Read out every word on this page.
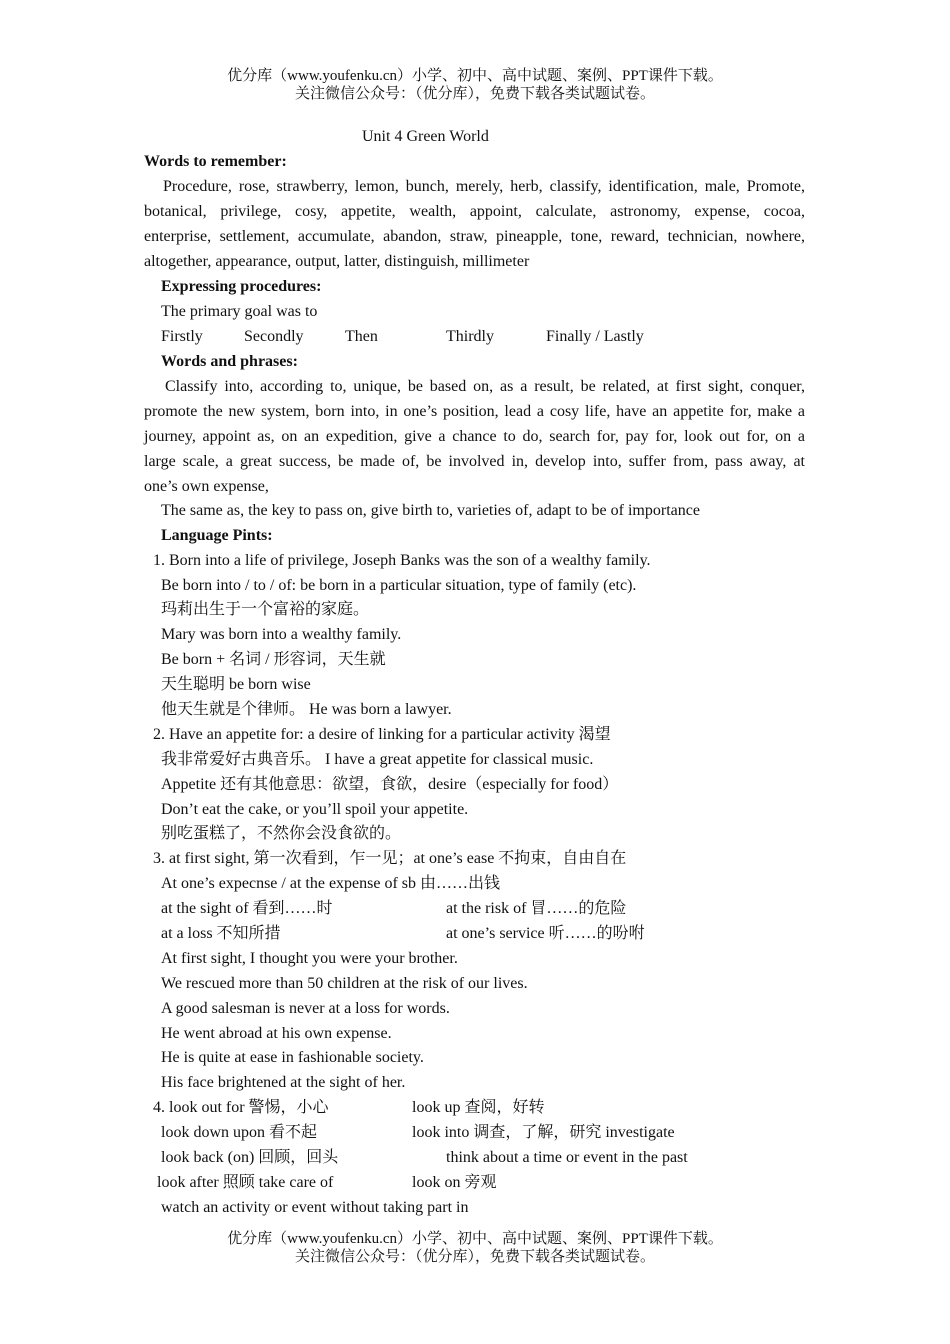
优分库（www.youfenku.cn）小学、初中、高中试题、案例、PPT课件下载。
关注微信公众号：（优分库），免费下载各类试题试卷。
Unit 4 Green World
Words to remember:
Procedure, rose, strawberry, lemon, bunch, merely, herb, classify, identification, male, Promote,
botanical, privilege, cosy, appetite, wealth, appoint, calculate, astronomy, expense, cocoa,
enterprise, settlement, accumulate, abandon, straw, pineapple, tone, reward, technician, nowhere,
altogether, appearance, output, latter, distinguish, millimeter
Expressing procedures:
The primary goal was to
Firstly	Secondly	Then	Thirdly	Finally / Lastly
Words and phrases:
Classify into, according to, unique, be based on, as a result, be related, at first sight, conquer,
promote the new system, born into, in one’s position, lead a cosy life, have an appetite for, make a
journey, appoint as, on an expedition, give a chance to do, search for, pay for, look out for, on a
large scale, a great success, be made of, be involved in, develop into, suffer from, pass away, at
one’s own expense,
The same as, the key to pass on, give birth to, varieties of, adapt to be of importance
Language Pints:
1. Born into a life of privilege, Joseph Banks was the son of a wealthy family.
Be born into / to / of: be born in a particular situation, type of family (etc).
玛莉出生于一个富裕的家庭。
Mary was born into a wealthy family.
Be born + 名词 / 形容词，天生就
天生聪明 be born wise
他天生就是个律师。 He was born a lawyer.
2. Have an appetite for: a desire of linking for a particular activity 渴望
我非常爱好古典音乐。 I have a great appetite for classical music.
Appetite 还有其他意思：欲望，食欲，desire（especially for food）
Don’t eat the cake, or you’ll spoil your appetite.
别吃蛋糕了，不然你会没食欲的。
3. at first sight, 第一次看到，乍一见；at one’s ease 不拘束，自由自在
At one’s expecnse / at the expense of sb 由……出钱
at the sight of 看到……时	at the risk of 冒……的危险
at a loss 不知所措	at one’s service 听……的吩咐
At first sight, I thought you were your brother.
We rescued more than 50 children at the risk of our lives.
A good salesman is never at a loss for words.
He went abroad at his own expense.
He is quite at ease in fashionable society.
His face brightened at the sight of her.
4. look out for 警惕，小心	look up 查阅，好转
look down upon 看不起	look into 调查，了解，研究 investigate
look back (on) 回顾，回头	think about a time or event in the past
look after 照顾 take care of	look on 旁观
watch an activity or event without taking part in
优分库（www.youfenku.cn）小学、初中、高中试题、案例、PPT课件下载。
关注微信公众号：（优分库），免费下载各类试题试卷。
